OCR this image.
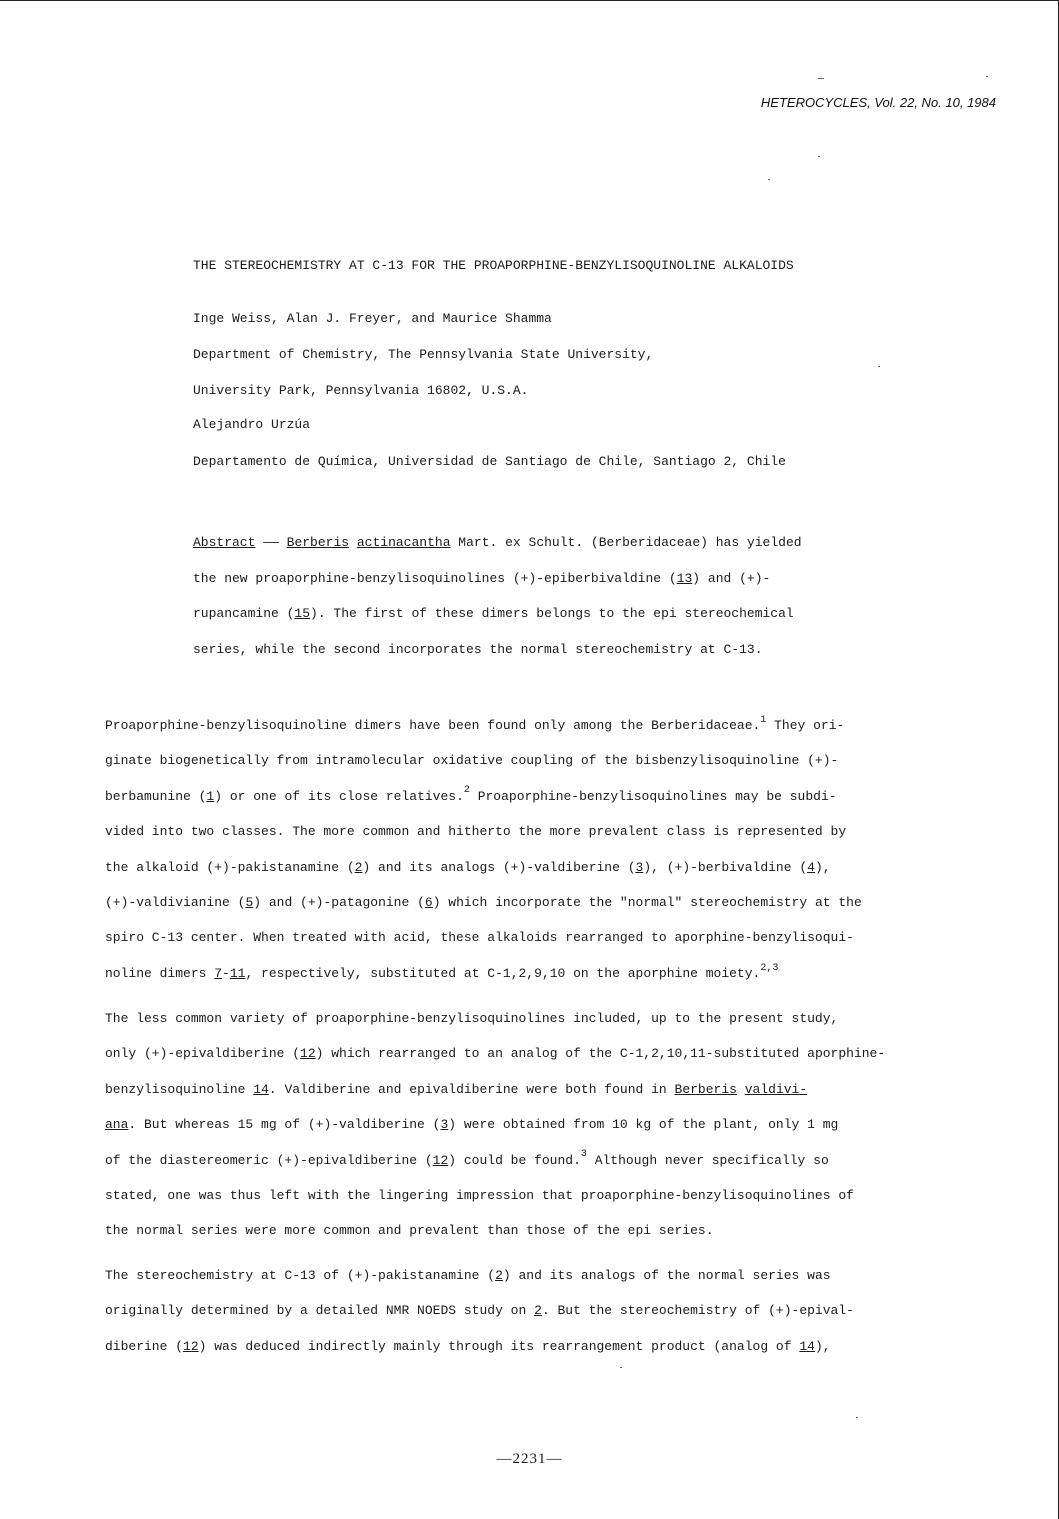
HETEROCYCLES, Vol. 22, No. 10, 1984
THE STEREOCHEMISTRY AT C-13 FOR THE PROAPORPHINE-BENZYLISOQUINOLINE ALKALOIDS
Inge Weiss, Alan J. Freyer, and Maurice Shamma
Department of Chemistry, The Pennsylvania State University,
University Park, Pennsylvania 16802, U.S.A.
Alejandro Urzúa
Departamento de Química, Universidad de Santiago de Chile, Santiago 2, Chile
Abstract —— Berberis actinacantha Mart. ex Schult. (Berberidaceae) has yielded
the new proaporphine-benzylisoquinolines (+)-epiberbivaldine (13) and (+)-
rupancamine (15). The first of these dimers belongs to the epi stereochemical
series, while the second incorporates the normal stereochemistry at C-13.
Proaporphine-benzylisoquinoline dimers have been found only among the Berberidaceae.$^1$ They ori-
ginate biogenetically from intramolecular oxidative coupling of the bisbenzylisoquinoline (+)-
berbamunine (1) or one of its close relatives.$^2$ Proaporphine-benzylisoquinolines may be subdi-
vided into two classes. The more common and hitherto the more prevalent class is represented by
the alkaloid (+)-pakistanamine (2) and its analogs (+)-valdiberine (3), (+)-berbivaldine (4),
(+)-valdivianine (5) and (+)-patagonine (6) which incorporate the "normal" stereochemistry at the
spiro C-13 center. When treated with acid, these alkaloids rearranged to aporphine-benzylisoqui-
noline dimers 7-11, respectively, substituted at C-1,2,9,10 on the aporphine moiety.$^{2,3}$
The less common variety of proaporphine-benzylisoquinolines included, up to the present study,
only (+)-epivaldiberine (12) which rearranged to an analog of the C-1,2,10,11-substituted aporphine-
benzylisoquinoline 14. Valdiberine and epivaldiberine were both found in Berberis valdivi-
ana. But whereas 15 mg of (+)-valdiberine (3) were obtained from 10 kg of the plant, only 1 mg
of the diastereomeric (+)-epivaldiberine (12) could be found.$^3$ Although never specifically so
stated, one was thus left with the lingering impression that proaporphine-benzylisoquinolines of
the normal series were more common and prevalent than those of the epi series.
The stereochemistry at C-13 of (+)-pakistanamine (2) and its analogs of the normal series was
originally determined by a detailed NMR NOEDS study on 2. But the stereochemistry of (+)-epival-
diberine (12) was deduced indirectly mainly through its rearrangement product (analog of 14),
—2231—
